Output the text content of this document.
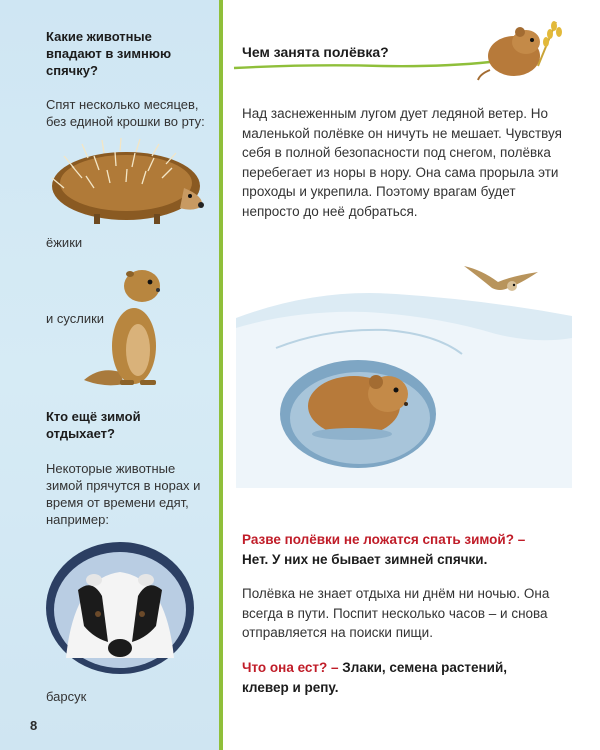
Какие животные впадают в зимнюю спячку?

Спят несколько месяцев, без единой крошки во рту:

ёжики

и суслики

Кто ещё зимой отдыхает?

Некоторые животные зимой прячутся в норах и время от времени едят, например:

барсук

8

Чем занята полёвка?

Над заснеженным лугом дует ледяной ветер. Но маленькой полёвке он ничуть не мешает. Чувствуя себя в полной безопасности под снегом, полёвка перебегает из норы в нору. Она сама прорыла эти проходы и укрепила. Поэтому врагам будет непросто до неё добраться.

Разве полёвки не ложатся спать зимой? –
Нет. У них не бывает зимней спячки.

Полёвка не знает отдыха ни днём ни ночью. Она всегда в пути. Поспит несколько часов – и снова отправляется на поиски пищи.

Что она ест? – Злаки, семена растений, клевер и репу.
